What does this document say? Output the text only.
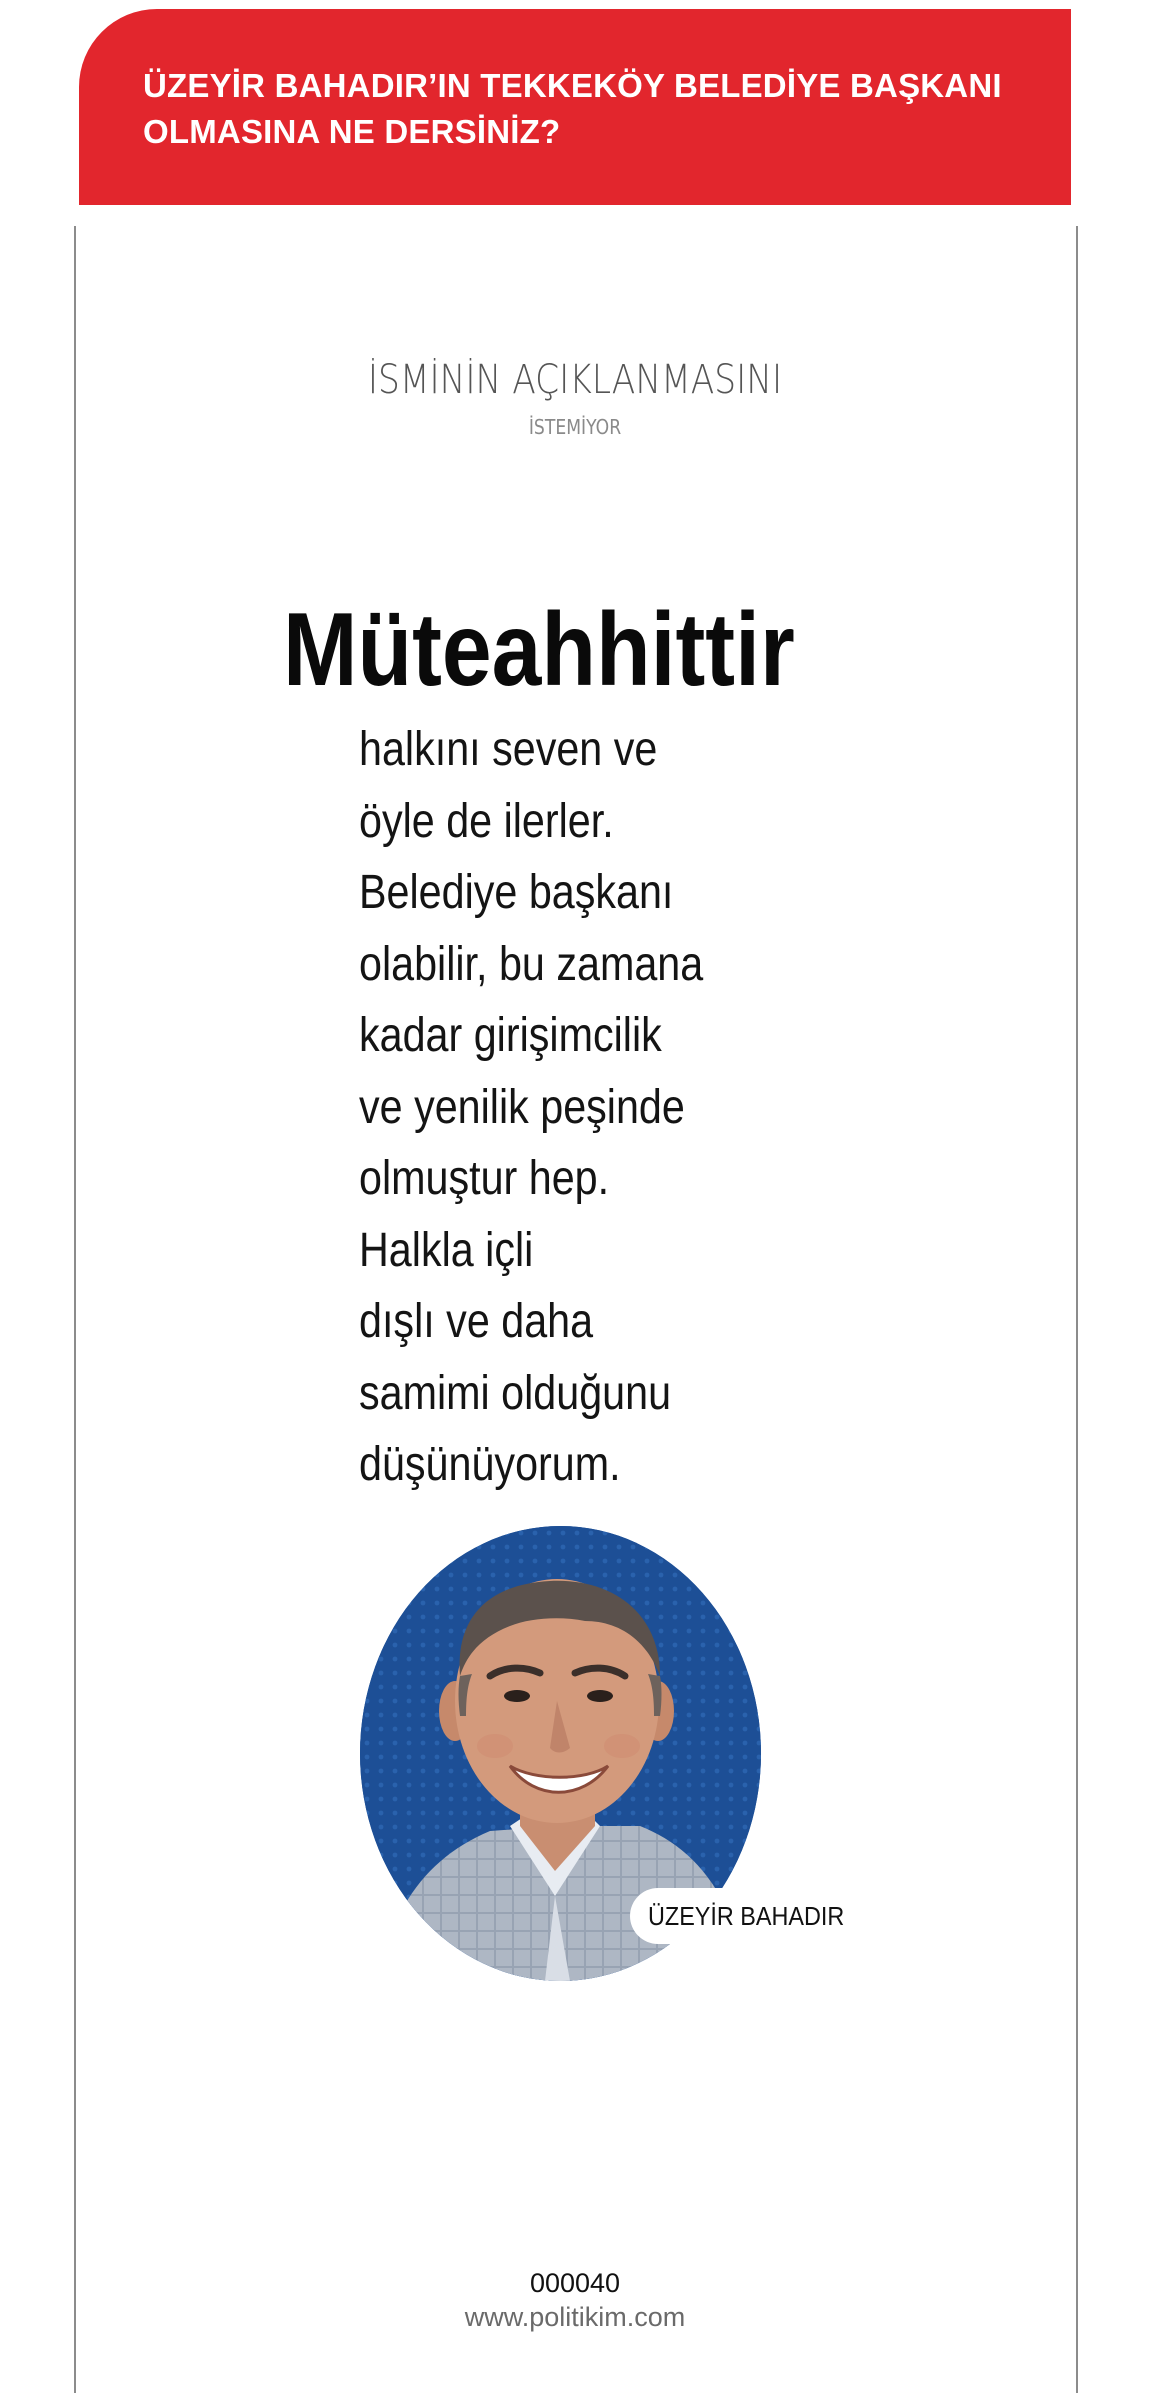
ÜZEYİR BAHADIR’IN TEKKEKÖY BELEDİYE BAŞKANI
OLMASINA NE DERSİNİZ?
İSMİNİN AÇIKLANMASINI
İSTEMİYOR
Müteahhittir
halkını seven ve
öyle de ilerler.
Belediye başkanı
olabilir, bu zamana
kadar girişimcilik
ve yenilik peşinde
olmuştur hep.
Halkla içli
dışlı ve daha
samimi olduğunu
düşünüyorum.
ÜZEYİR BAHADIR
000040
www.politikim.com
